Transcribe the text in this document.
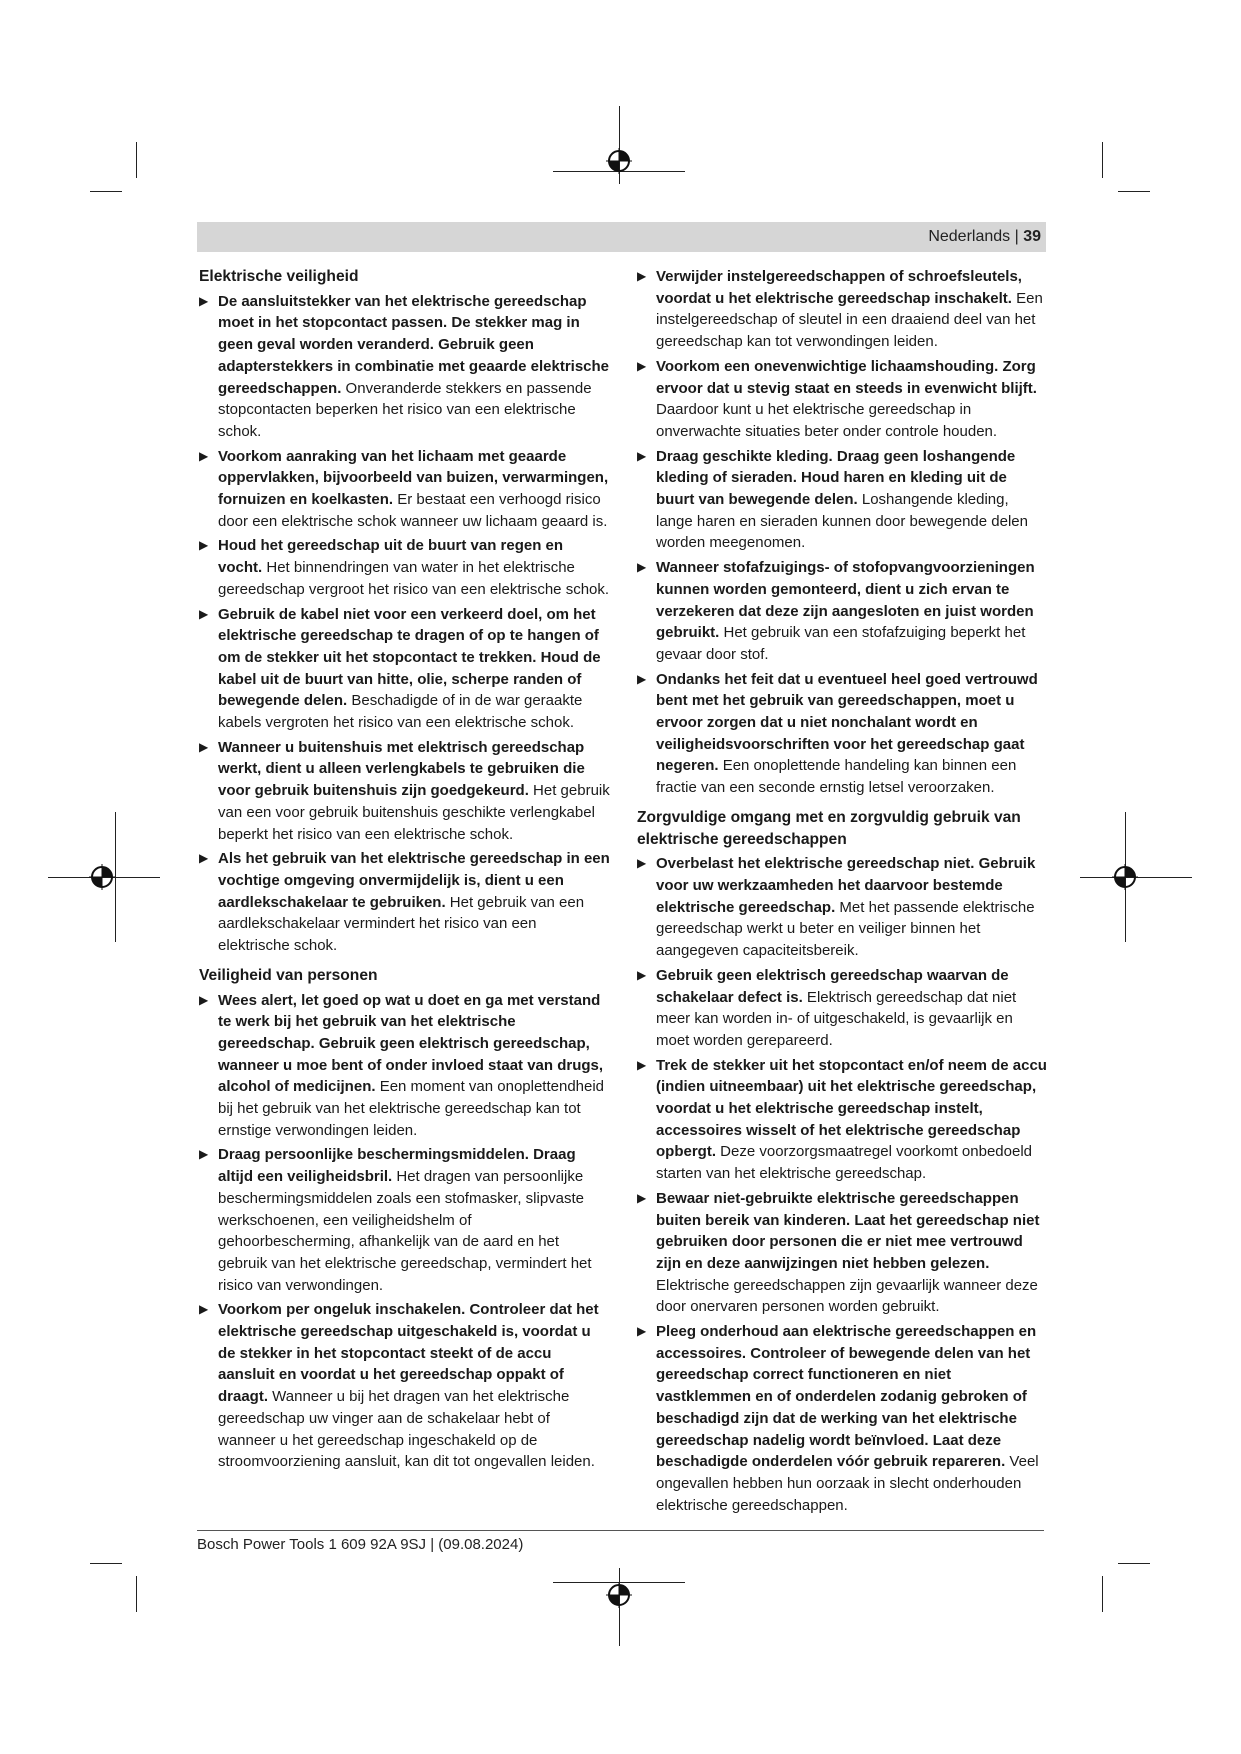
Nederlands | 39
Elektrische veiligheid
▶ De aansluitstekker van het elektrische gereedschap moet in het stopcontact passen. De stekker mag in geen geval worden veranderd. Gebruik geen adapterstekkers in combinatie met geaarde elektrische gereedschappen. Onveranderde stekkers en passende stopcontacten beperken het risico van een elektrische schok.
▶ Voorkom aanraking van het lichaam met geaarde oppervlakken, bijvoorbeeld van buizen, verwarmingen, fornuizen en koelkasten. Er bestaat een verhoogd risico door een elektrische schok wanneer uw lichaam geaard is.
▶ Houd het gereedschap uit de buurt van regen en vocht. Het binnendringen van water in het elektrische gereedschap vergroot het risico van een elektrische schok.
▶ Gebruik de kabel niet voor een verkeerd doel, om het elektrische gereedschap te dragen of op te hangen of om de stekker uit het stopcontact te trekken. Houd de kabel uit de buurt van hitte, olie, scherpe randen of bewegende delen. Beschadigde of in de war geraakte kabels vergroten het risico van een elektrische schok.
▶ Wanneer u buitenshuis met elektrisch gereedschap werkt, dient u alleen verlengkabels te gebruiken die voor gebruik buitenshuis zijn goedgekeurd. Het gebruik van een voor gebruik buitenshuis geschikte verlengkabel beperkt het risico van een elektrische schok.
▶ Als het gebruik van het elektrische gereedschap in een vochtige omgeving onvermijdelijk is, dient u een aardlekschakelaar te gebruiken. Het gebruik van een aardlekschakelaar vermindert het risico van een elektrische schok.
Veiligheid van personen
▶ Wees alert, let goed op wat u doet en ga met verstand te werk bij het gebruik van het elektrische gereedschap. Gebruik geen elektrisch gereedschap, wanneer u moe bent of onder invloed staat van drugs, alcohol of medicijnen. Een moment van onoplettendheid bij het gebruik van het elektrische gereedschap kan tot ernstige verwondingen leiden.
▶ Draag persoonlijke beschermingsmiddelen. Draag altijd een veiligheidsbril. Het dragen van persoonlijke beschermingsmiddelen zoals een stofmasker, slipvaste werkschoenen, een veiligheidshelm of gehoorbescherming, afhankelijk van de aard en het gebruik van het elektrische gereedschap, vermindert het risico van verwondingen.
▶ Voorkom per ongeluk inschakelen. Controleer dat het elektrische gereedschap uitgeschakeld is, voordat u de stekker in het stopcontact steekt of de accu aansluit en voordat u het gereedschap oppakt of draagt. Wanneer u bij het dragen van het elektrische gereedschap uw vinger aan de schakelaar hebt of wanneer u het gereedschap ingeschakeld op de stroomvoorziening aansluit, kan dit tot ongevallen leiden.
▶ Verwijder instelgereedschappen of schroefsleutels, voordat u het elektrische gereedschap inschakelt. Een instelgereedschap of sleutel in een draaiend deel van het gereedschap kan tot verwondingen leiden.
▶ Voorkom een onevenwichtige lichaamshouding. Zorg ervoor dat u stevig staat en steeds in evenwicht blijft. Daardoor kunt u het elektrische gereedschap in onverwachte situaties beter onder controle houden.
▶ Draag geschikte kleding. Draag geen loshangende kleding of sieraden. Houd haren en kleding uit de buurt van bewegende delen. Loshangende kleding, lange haren en sieraden kunnen door bewegende delen worden meegenomen.
▶ Wanneer stofafzuigings- of stofopvangvoorzieningen kunnen worden gemonteerd, dient u zich ervan te verzekeren dat deze zijn aangesloten en juist worden gebruikt. Het gebruik van een stofafzuiging beperkt het gevaar door stof.
▶ Ondanks het feit dat u eventueel heel goed vertrouwd bent met het gebruik van gereedschappen, moet u ervoor zorgen dat u niet nonchalant wordt en veiligheidsvoorschriften voor het gereedschap gaat negeren. Een onoplettende handeling kan binnen een fractie van een seconde ernstig letsel veroorzaken.
Zorgvuldige omgang met en zorgvuldig gebruik van elektrische gereedschappen
▶ Overbelast het elektrische gereedschap niet. Gebruik voor uw werkzaamheden het daarvoor bestemde elektrische gereedschap. Met het passende elektrische gereedschap werkt u beter en veiliger binnen het aangegeven capaciteitsbereik.
▶ Gebruik geen elektrisch gereedschap waarvan de schakelaar defect is. Elektrisch gereedschap dat niet meer kan worden in- of uitgeschakeld, is gevaarlijk en moet worden gerepareerd.
▶ Trek de stekker uit het stopcontact en/of neem de accu (indien uitneembaar) uit het elektrische gereedschap, voordat u het elektrische gereedschap instelt, accessoires wisselt of het elektrische gereedschap opbergt. Deze voorzorgsmaatregel voorkomt onbedoeld starten van het elektrische gereedschap.
▶ Bewaar niet-gebruikte elektrische gereedschappen buiten bereik van kinderen. Laat het gereedschap niet gebruiken door personen die er niet mee vertrouwd zijn en deze aanwijzingen niet hebben gelezen. Elektrische gereedschappen zijn gevaarlijk wanneer deze door onervaren personen worden gebruikt.
▶ Pleeg onderhoud aan elektrische gereedschappen en accessoires. Controleer of bewegende delen van het gereedschap correct functioneren en niet vastklemmen en of onderdelen zodanig gebroken of beschadigd zijn dat de werking van het elektrische gereedschap nadelig wordt beïnvloed. Laat deze beschadigde onderdelen vóór gebruik repareren. Veel ongevallen hebben hun oorzaak in slecht onderhouden elektrische gereedschappen.
Bosch Power Tools 1 609 92A 9SJ | (09.08.2024)
